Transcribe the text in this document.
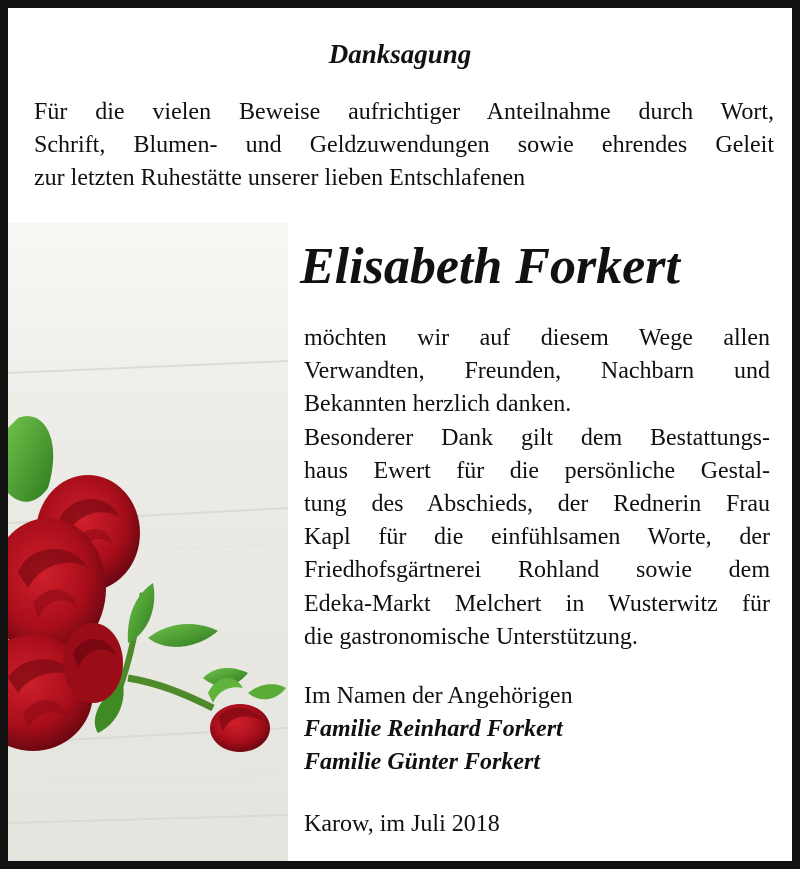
Danksagung
Für die vielen Beweise aufrichtiger Anteilnahme durch Wort,
Schrift, Blumen- und Geldzuwendungen sowie ehrendes Geleit
zur letzten Ruhestätte unserer lieben Entschlafenen
Elisabeth Forkert
möchten wir auf diesem Wege allen
Verwandten, Freunden, Nachbarn und
Bekannten herzlich danken.
Besonderer Dank gilt dem Bestattungs-
haus Ewert für die persönliche Gestal-
tung des Abschieds, der Rednerin Frau
Kapl für die einfühlsamen Worte, der
Friedhofsgärtnerei Rohland sowie dem
Edeka-Markt Melchert in Wusterwitz für
die gastronomische Unterstützung.
Im Namen der Angehörigen
Familie Reinhard Forkert
Familie Günter Forkert
Karow, im Juli 2018
